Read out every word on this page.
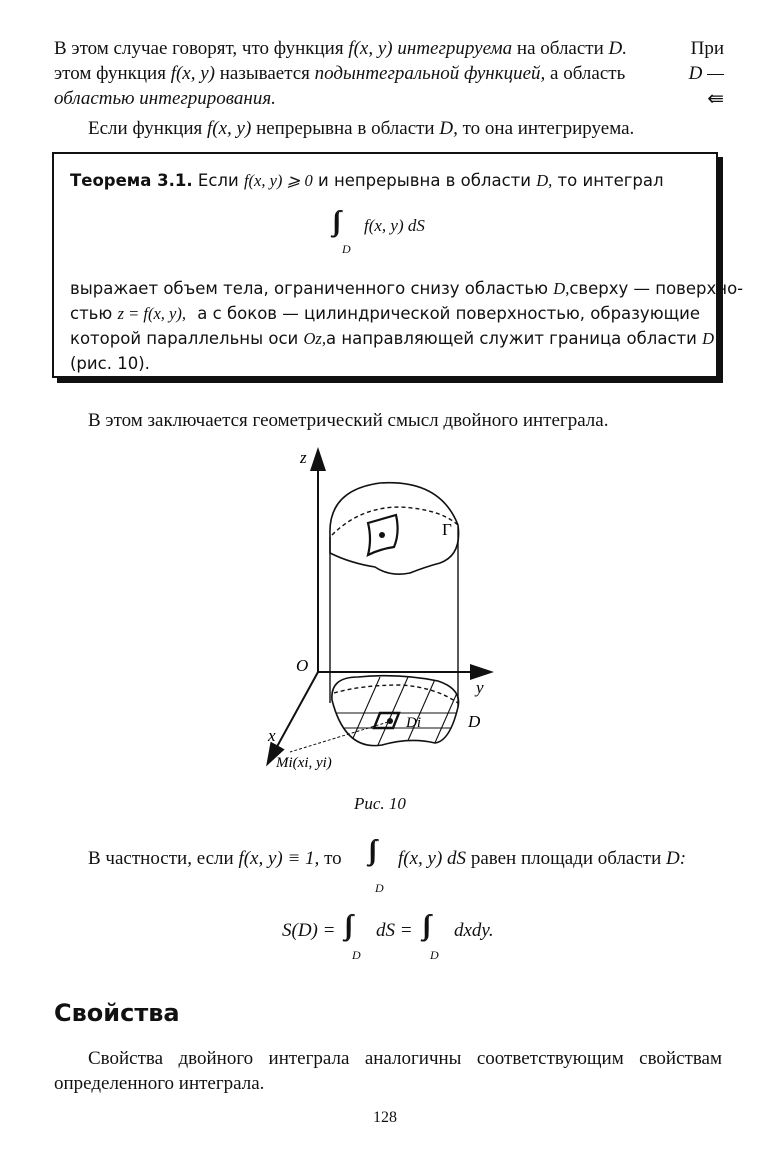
В этом случае говорят, что функция f(x, y) интегрируема на области D.	При
этом функция f(x, y) называется подынтегральной функцией, а область	D —
областью интегрирования.	⇚
Если функция f(x, y) непрерывна в области D, то она интегрируема.
Теорема 3.1. Если f(x, y) ⩾ 0 и непрерывна в области D, то интеграл
∫∫ f(x, y) dS
D
выражает объем тела, ограниченного снизу областью D, сверху — поверхно-
стью z = f(x, y), а с боков — цилиндрической поверхностью, образующие
которой параллельны оси Oz, а направляющей служит граница области D
(рис. 10).
В этом заключается геометрический смысл двойного интеграла.
z
O
y
x
Г
D
Di
Mi(xi, yi)
Рис. 10
В частности, если f(x, y) ≡ 1, то ∫∫
D
f(x, y) dS равен площади области D:
S(D) = ∫∫
D
dS = ∫∫
D
dxdy.
Свойства
Свойства двойного интеграла аналогичны соответствующим свойствам определенного интеграла.
128
